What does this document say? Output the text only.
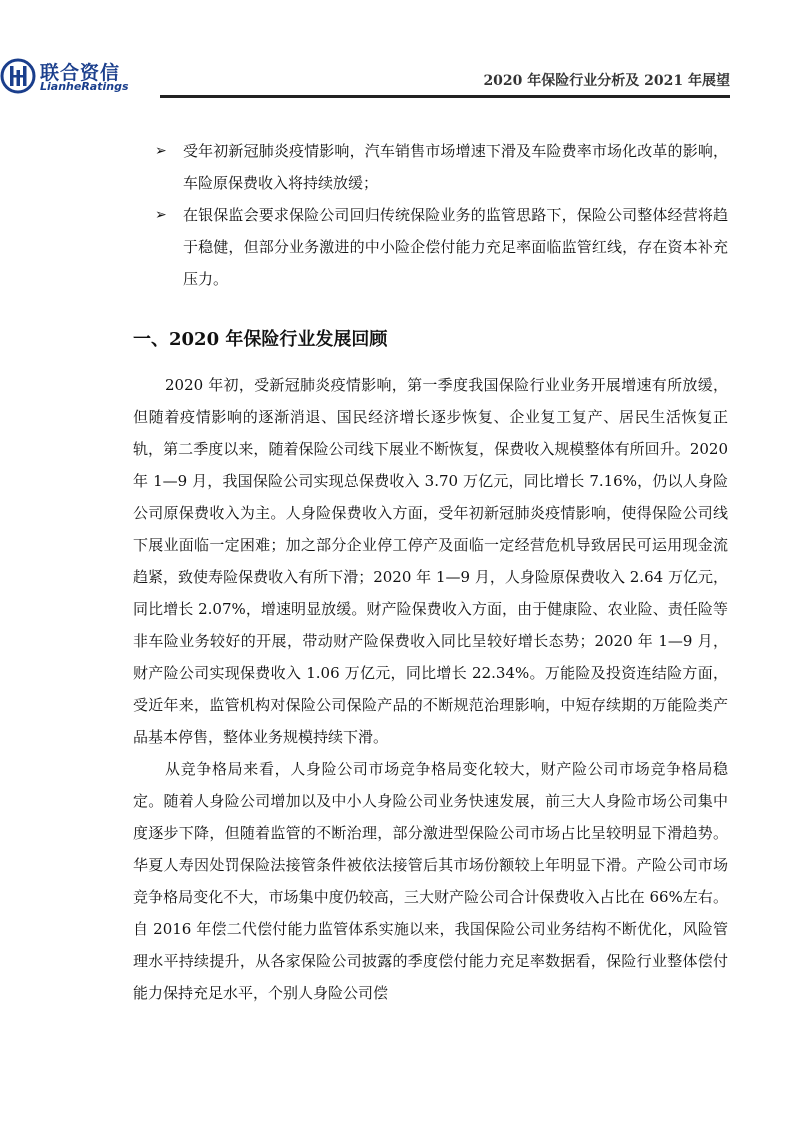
联合资信
LianheRatings	2020 年保险行业分析及 2021 年展望
➢ 受年初新冠肺炎疫情影响，汽车销售市场增速下滑及车险费率市场化改革的影响，车险原保费收入将持续放缓；
➢ 在银保监会要求保险公司回归传统保险业务的监管思路下，保险公司整体经营将趋于稳健，但部分业务激进的中小险企偿付能力充足率面临监管红线，存在资本补充压力。
一、2020 年保险行业发展回顾

2020 年初，受新冠肺炎疫情影响，第一季度我国保险行业业务开展增速有所放缓，但随着疫情影响的逐渐消退、国民经济增长逐步恢复、企业复工复产、居民生活恢复正轨，第二季度以来，随着保险公司线下展业不断恢复，保费收入规模整体有所回升。2020 年 1—9 月，我国保险公司实现总保费收入 3.70 万亿元，同比增长 7.16%，仍以人身险公司原保费收入为主。人身险保费收入方面，受年初新冠肺炎疫情影响，使得保险公司线下展业面临一定困难；加之部分企业停工停产及面临一定经营危机导致居民可运用现金流趋紧，致使寿险保费收入有所下滑；2020 年 1—9 月，人身险原保费收入 2.64 万亿元，同比增长 2.07%，增速明显放缓。财产险保费收入方面，由于健康险、农业险、责任险等非车险业务较好的开展，带动财产险保费收入同比呈较好增长态势；2020 年 1—9 月，财产险公司实现保费收入 1.06 万亿元，同比增长 22.34%。万能险及投资连结险方面，受近年来，监管机构对保险公司保险产品的不断规范治理影响，中短存续期的万能险类产品基本停售，整体业务规模持续下滑。

从竞争格局来看，人身险公司市场竞争格局变化较大，财产险公司市场竞争格局稳定。随着人身险公司增加以及中小人身险公司业务快速发展，前三大人身险市场公司集中度逐步下降，但随着监管的不断治理，部分激进型保险公司市场占比呈较明显下滑趋势。华夏人寿因处罚保险法接管条件被依法接管后其市场份额较上年明显下滑。产险公司市场竞争格局变化不大，市场集中度仍较高，三大财产险公司合计保费收入占比在 66%左右。自 2016 年偿二代偿付能力监管体系实施以来，我国保险公司业务结构不断优化，风险管理水平持续提升，从各家保险公司披露的季度偿付能力充足率数据看，保险行业整体偿付能力保持充足水平，个别人身险公司偿
